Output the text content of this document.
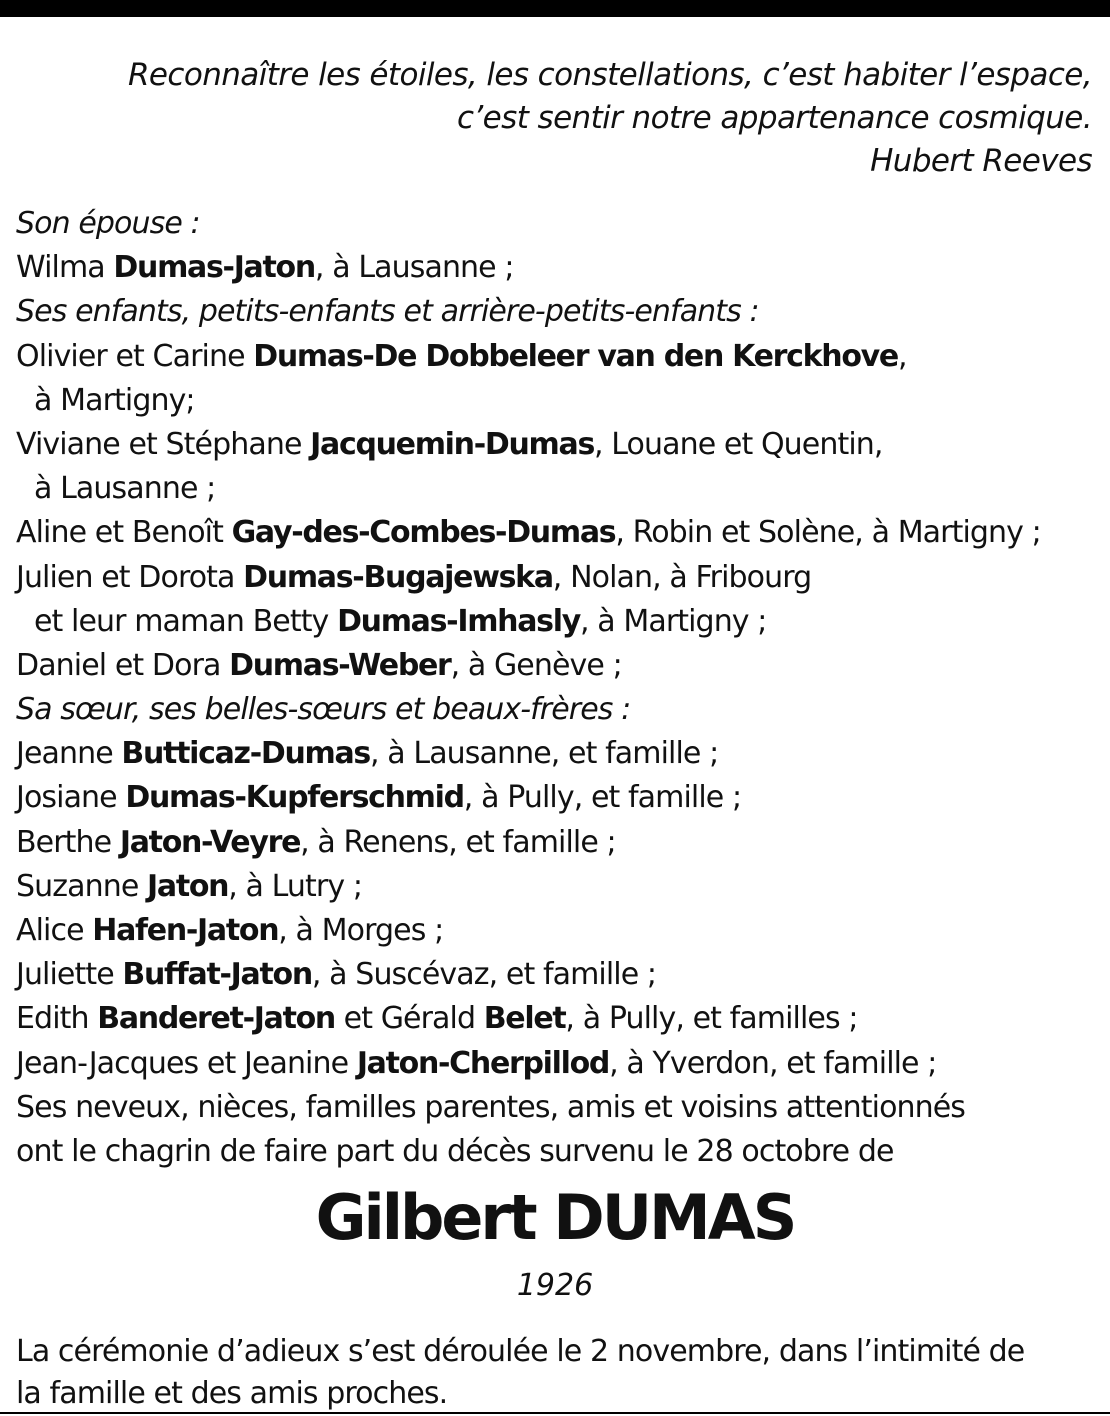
Reconnaître les étoiles, les constellations, c’est habiter l’espace,
c’est sentir notre appartenance cosmique.
Hubert Reeves
Son épouse :
Wilma Dumas-Jaton, à Lausanne ;
Ses enfants, petits-enfants et arrière-petits-enfants :
Olivier et Carine Dumas-De Dobbeleer van den Kerckhove,
à Martigny;
Viviane et Stéphane Jacquemin-Dumas, Louane et Quentin,
à Lausanne ;
Aline et Benoît Gay-des-Combes-Dumas, Robin et Solène, à Martigny ;
Julien et Dorota Dumas-Bugajewska, Nolan, à Fribourg
et leur maman Betty Dumas-Imhasly, à Martigny ;
Daniel et Dora Dumas-Weber, à Genève ;
Sa sœur, ses belles-sœurs et beaux-frères :
Jeanne Butticaz-Dumas, à Lausanne, et famille ;
Josiane Dumas-Kupferschmid, à Pully, et famille ;
Berthe Jaton-Veyre, à Renens, et famille ;
Suzanne Jaton, à Lutry ;
Alice Hafen-Jaton, à Morges ;
Juliette Buffat-Jaton, à Suscévaz, et famille ;
Edith Banderet-Jaton et Gérald Belet, à Pully, et familles ;
Jean-Jacques et Jeanine Jaton-Cherpillod, à Yverdon, et famille ;
Ses neveux, nièces, familles parentes, amis et voisins attentionnés
ont le chagrin de faire part du décès survenu le 28 octobre de
Gilbert DUMAS
1926
La cérémonie d’adieux s’est déroulée le 2 novembre, dans l’intimité de
la famille et des amis proches.
